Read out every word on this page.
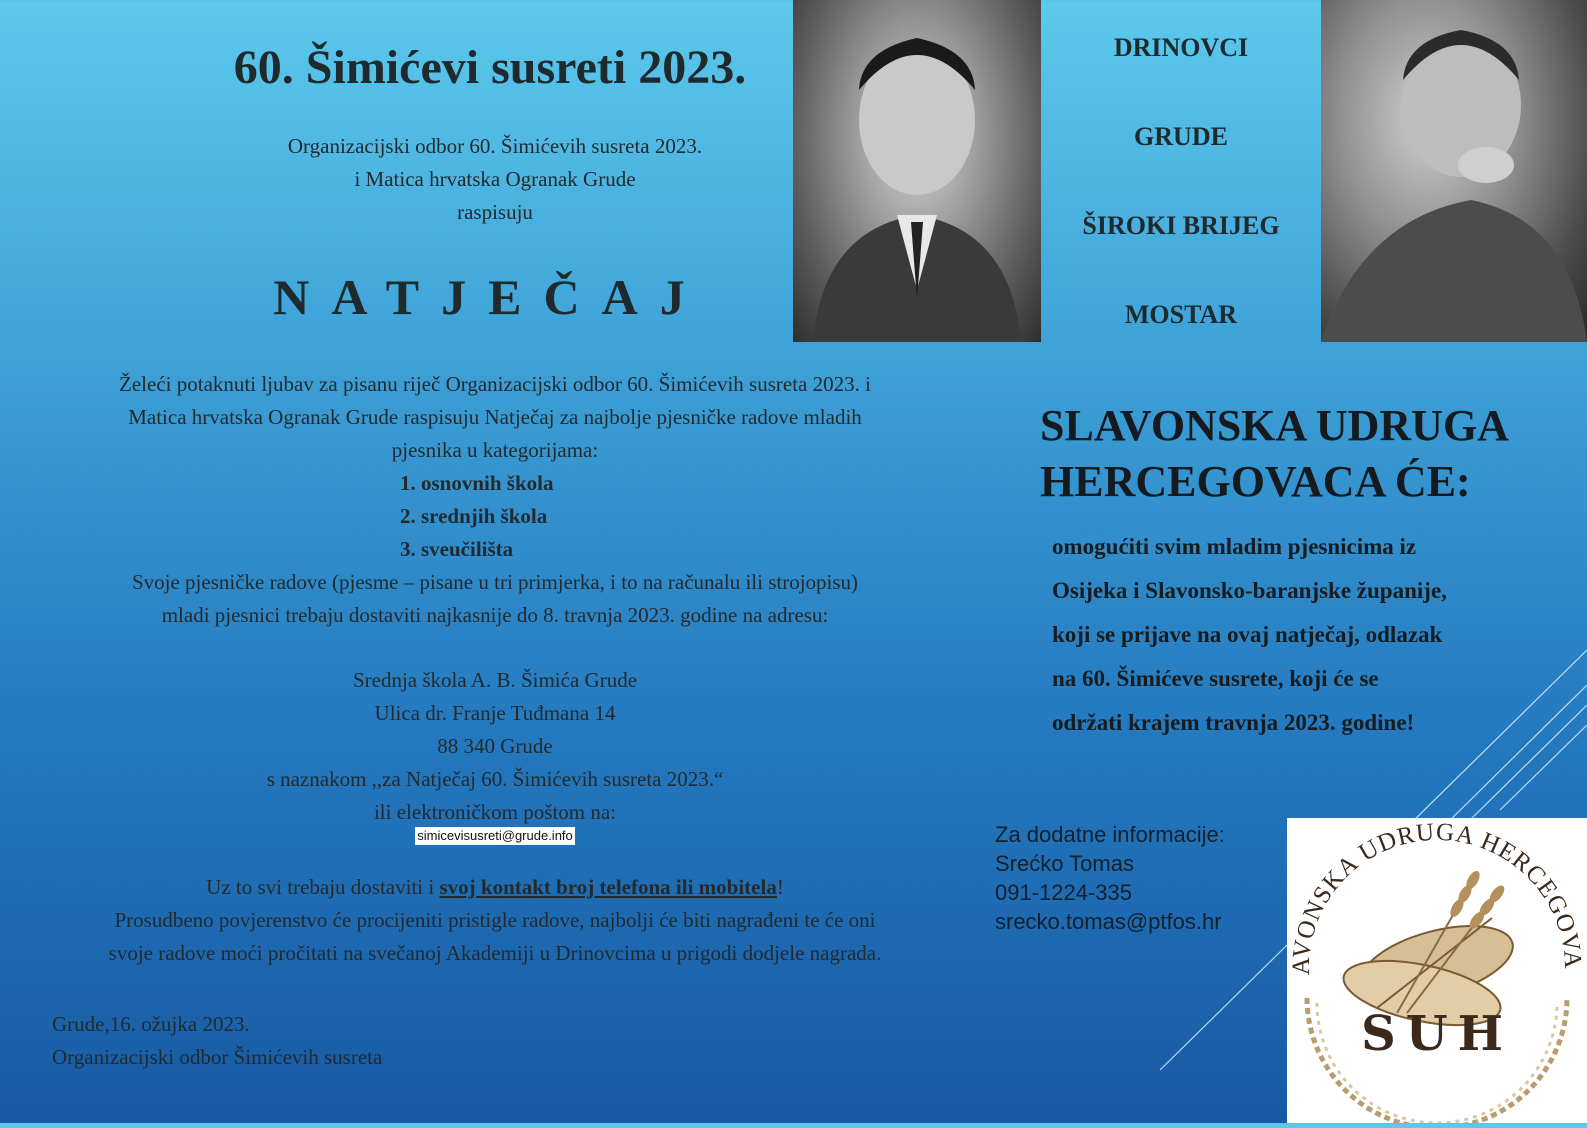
60. Šimićevi susreti 2023.
Organizacijski odbor 60. Šimićevih susreta 2023.
i Matica hrvatska Ogranak Grude
raspisuju
NATJEČAJ
Želeći potaknuti ljubav za pisanu riječ Organizacijski odbor 60. Šimićevih susreta 2023. i
Matica hrvatska Ogranak Grude raspisuju Natječaj za najbolje pjesničke radove mladih
pjesnika u kategorijama:
1. osnovnih škola
2. srednjih škola
3. sveučilišta
Svoje pjesničke radove (pjesme – pisane u tri primjerka, i to na računalu ili strojopisu)
mladi pjesnici trebaju dostaviti najkasnije do 8. travnja 2023. godine na adresu:
Srednja škola A. B. Šimića Grude
Ulica dr. Franje Tuđmana 14
88 340 Grude
s naznakom ,,za Natječaj 60. Šimićevih susreta 2023.“
ili elektroničkom poštom na:
simicevisusreti@grude.info
Uz to svi trebaju dostaviti i svoj kontakt broj telefona ili mobitela!
Prosudbeno povjerenstvo će procijeniti pristigle radove, najbolji će biti nagrađeni te će oni
svoje radove moći pročitati na svečanoj Akademiji u Drinovcima u prigodi dodjele nagrada.
Grude,16. ožujka 2023.
Organizacijski odbor Šimićevih susreta
DRINOVCI
GRUDE
ŠIROKI BRIJEG
MOSTAR
SLAVONSKA UDRUGA
HERCEGOVACA ĆE:
omogućiti svim mladim pjesnicima iz
Osijeka i Slavonsko-baranjske županije,
koji se prijave na ovaj natječaj, odlazak
na 60. Šimićeve susrete, koji će se
održati krajem travnja 2023. godine!
Za dodatne informacije:
Srećko Tomas
091-1224-335
srecko.tomas@ptfos.hr
AVONSKA UDRUGA HERCEGOVA
SUH
